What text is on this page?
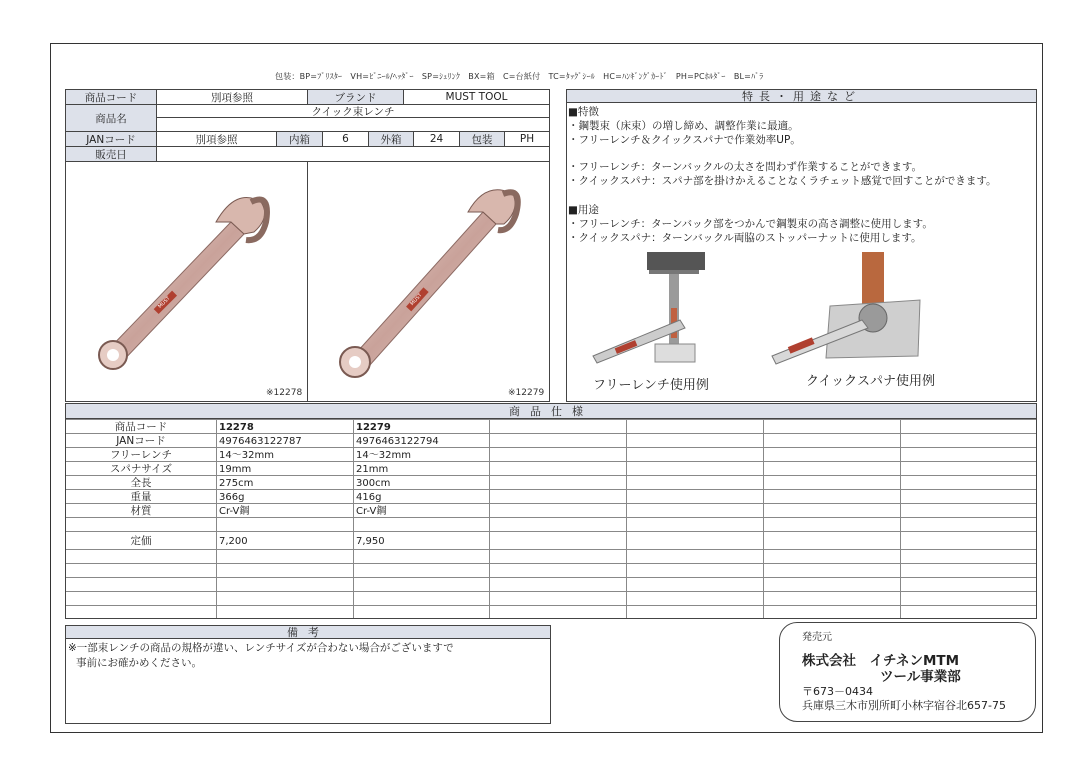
包装：BP=ﾌﾞﾘｽﾀｰ　VH=ﾋﾞﾆｰﾙ/ﾍｯﾀﾞｰ　SP=ｼｭﾘﾝｸ　BX=箱　C=台紙付　TC=ﾀｯｸﾞｼｰﾙ　HC=ﾊﾝｷﾞﾝｸﾞｶｰﾄﾞ　PH=PCﾎﾙﾀﾞｰ　BL=ﾊﾞﾗ
商品コード	別項参照	ブランド	MUST TOOL
商品名
クイック束レンチ
JANコード	別項参照	内箱	6	外箱	24	包装	PH
販売日
MUST
※12278
MUST
※12279
特長・用途など
■特徴
・鋼製束（床束）の増し締め、調整作業に最適。
・フリーレンチ＆クイックスパナで作業効率UP。
・フリーレンチ：ターンバックルの太さを問わず作業することができます。
・クイックスパナ：スパナ部を掛けかえることなくラチェット感覚で回すことができます。
■用途
・フリーレンチ：ターンバック部をつかんで鋼製束の高さ調整に使用します。
・クイックスパナ：ターンバックル両脇のストッパーナットに使用します。
フリーレンチ使用例	クイックスパナ使用例
商品仕様
商品コード	12278	12279
JANコード	4976463122787	4976463122794
フリーレンチ	14～32mm	14～32mm
スパナサイズ	19mm	21mm
全長	275cm	300cm
重量	366g	416g
材質	Cr-V鋼	Cr-V鋼
定価	7,200	7,950
備考
※一部束レンチの商品の規格が違い、レンチサイズが合わない場合がございますで
事前にお確かめください。
発売元
株式会社　イチネンMTM
ツール事業部
〒673－0434
兵庫県三木市別所町小林字宿谷北657-75
